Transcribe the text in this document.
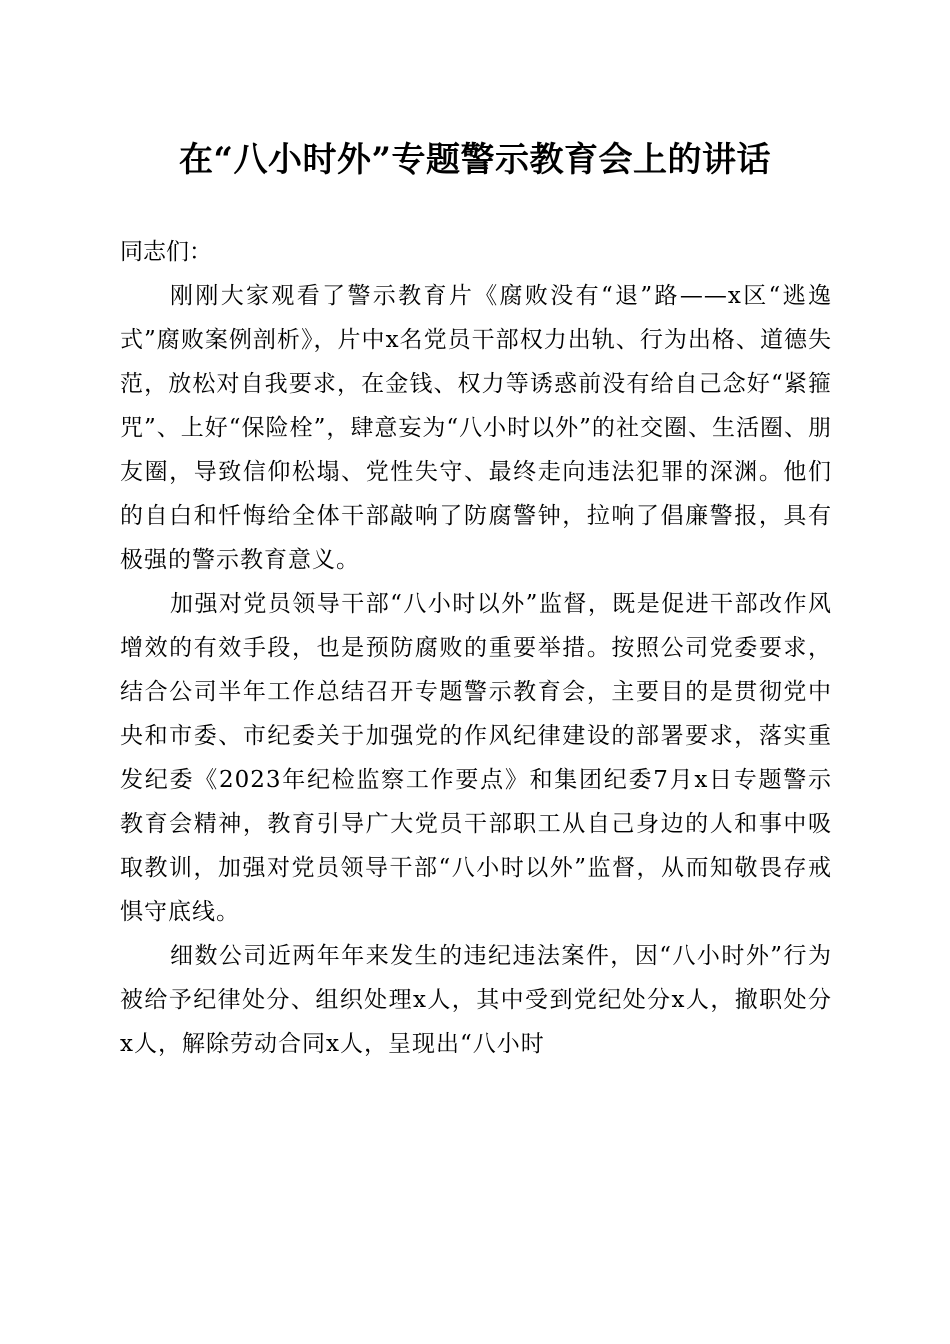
在“八小时外”专题警示教育会上的讲话

同志们：

刚刚大家观看了警示教育片《腐败没有“退”路——x区“逃逸式”腐败案例剖析》，片中x名党员干部权力出轨、行为出格、道德失范，放松对自我要求，在金钱、权力等诱惑前没有给自己念好“紧箍咒”、上好“保险栓”，肆意妄为“八小时以外”的社交圈、生活圈、朋友圈，导致信仰松塌、党性失守、最终走向违法犯罪的深渊。他们的自白和忏悔给全体干部敲响了防腐警钟，拉响了倡廉警报，具有极强的警示教育意义。

加强对党员领导干部“八小时以外”监督，既是促进干部改作风增效的有效手段，也是预防腐败的重要举措。按照公司党委要求，结合公司半年工作总结召开专题警示教育会，主要目的是贯彻党中央和市委、市纪委关于加强党的作风纪律建设的部署要求，落实重发纪委《2023年纪检监察工作要点》和集团纪委7月x日专题警示教育会精神，教育引导广大党员干部职工从自己身边的人和事中吸取教训，加强对党员领导干部“八小时以外”监督，从而知敬畏存戒惧守底线。

细数公司近两年年来发生的违纪违法案件，因“八小时外”行为被给予纪律处分、组织处理x人，其中受到党纪处分x人，撤职处分x人，解除劳动合同x人，呈现出“八小时
